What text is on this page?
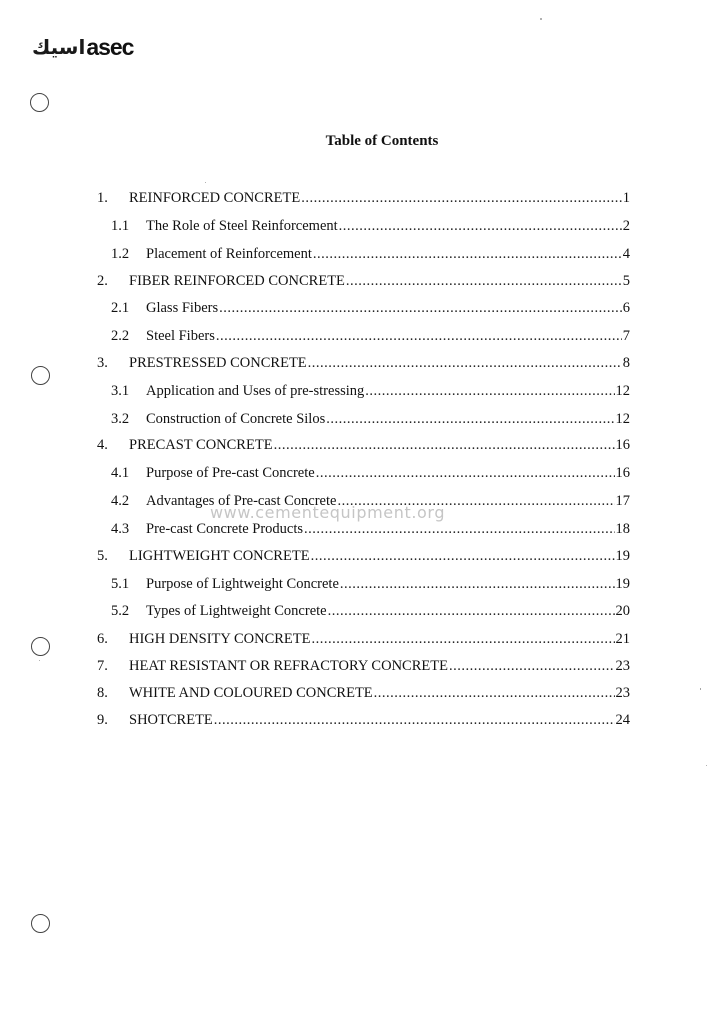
اسيك asec
Table of Contents
1. REINFORCED CONCRETE .....	1
1.1 The Role of Steel Reinforcement .....	2
1.2 Placement of Reinforcement .....	4
2. FIBER REINFORCED CONCRETE .....	5
2.1 Glass Fibers .....	6
2.2 Steel Fibers .....	7
3. PRESTRESSED CONCRETE .....	8
3.1 Application and Uses of pre-stressing .....	12
3.2 Construction of Concrete Silos .....	12
4. PRECAST CONCRETE .....	16
4.1 Purpose of Pre-cast Concrete .....	16
4.2 Advantages of Pre-cast Concrete .....	17
4.3 Pre-cast Concrete Products .....	18
5. LIGHTWEIGHT CONCRETE .....	19
5.1 Purpose of Lightweight Concrete .....	19
5.2 Types of Lightweight Concrete .....	20
6. HIGH DENSITY CONCRETE .....	21
7. HEAT RESISTANT OR REFRACTORY CONCRETE .....	23
8. WHITE AND COLOURED CONCRETE .....	23
9. SHOTCRETE .....	24
www.cementequipment.org
